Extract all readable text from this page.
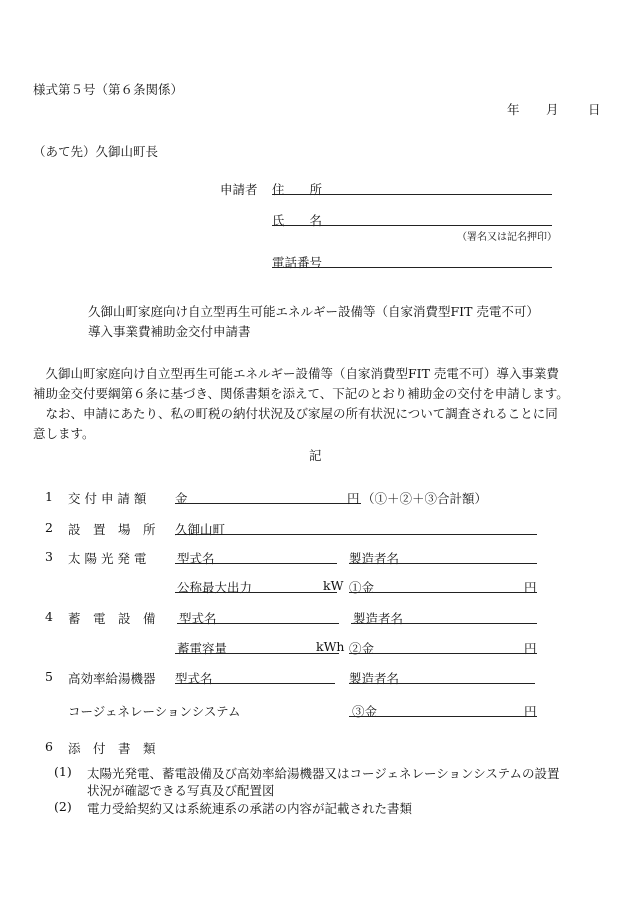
様式第５号（第６条関係）
年 月 日
（あて先）久御山町長
申請者 住　　所
氏　　名
（署名又は記名押印）
電話番号
久御山町家庭向け自立型再生可能エネルギー設備等（自家消費型FIT 売電不可）
導入事業費補助金交付申請書
　久御山町家庭向け自立型再生可能エネルギー設備等（自家消費型FIT 売電不可）導入事業費
補助金交付要綱第６条に基づき、関係書類を添えて、下記のとおり補助金の交付を申請します。
　なお、申請にあたり、私の町税の納付状況及び家屋の所有状況について調査されることに同
意します。
記
1 交 付 申 請 額 金	円 （①＋②＋③合計額）
2 設　置　場　所 久御山町
3 太 陽 光 発 電 型式名	製造者名
公称最大出力	kW ①金	円
4 蓄　電　設　備 型式名	製造者名
蓄電容量	kWh ②金	円
5 高効率給湯機器 型式名	製造者名
コージェネレーションシステム	③金	円
6 添　付　書　類
(1) 太陽光発電、蓄電設備及び高効率給湯機器又はコージェネレーションシステムの設置
状況が確認できる写真及び配置図
(2) 電力受給契約又は系統連系の承諾の内容が記載された書類
